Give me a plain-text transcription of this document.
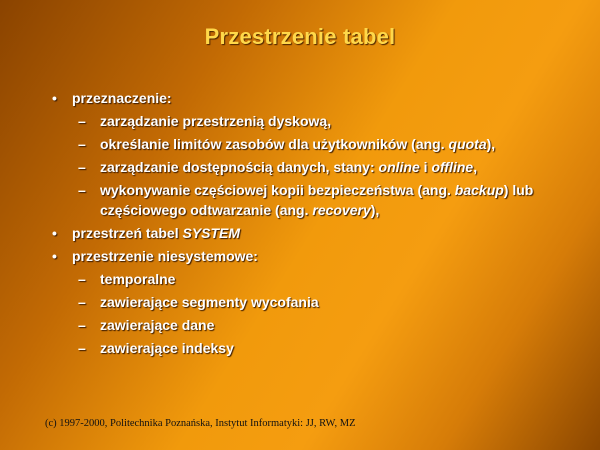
Przestrzenie tabel
• przeznaczenie:
– zarządzanie przestrzenią dyskową,
– określanie limitów zasobów dla użytkowników (ang. quota),
– zarządzanie dostępnością danych, stany: online i offline,
– wykonywanie częściowej kopii bezpieczeństwa (ang. backup) lub częściowego odtwarzanie (ang. recovery),
• przestrzeń tabel SYSTEM
• przestrzenie niesystemowe:
– temporalne
– zawierające segmenty wycofania
– zawierające dane
– zawierające indeksy
(c) 1997-2000, Politechnika Poznańska, Instytut Informatyki: JJ, RW, MZ
